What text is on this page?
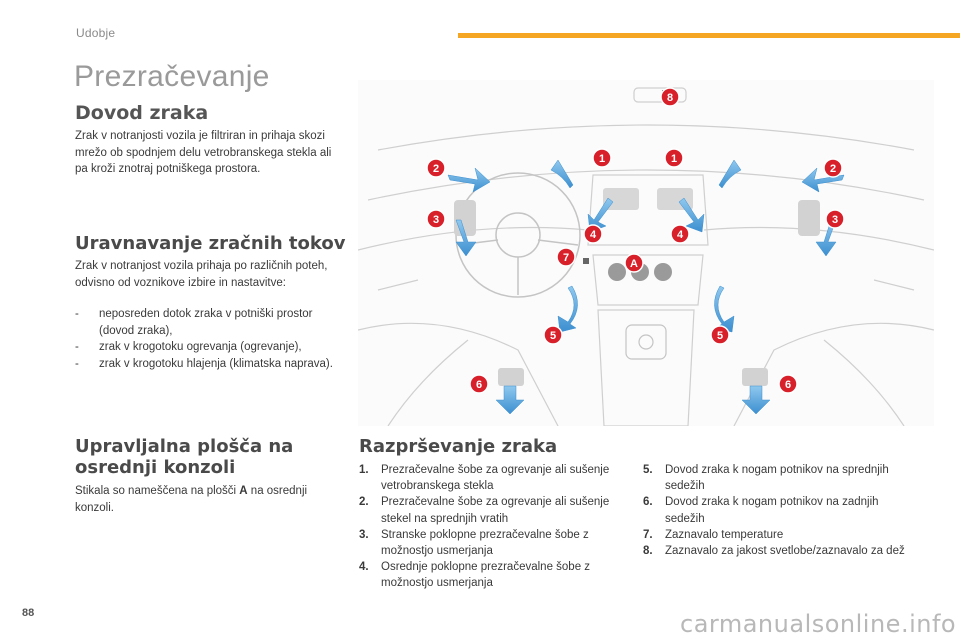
Udobje
Prezračevanje
Dovod zraka

Zrak v notranjosti vozila je filtriran in prihaja skozi mrežo ob spodnjem delu vetrobranskega stekla ali pa kroži znotraj potniškega prostora.

Uravnavanje zračnih tokov

Zrak v notranjost vozila prihaja po različnih poteh, odvisno od voznikove izbire in nastavitve:

- neposreden dotok zraka v potniški prostor (dovod zraka),
- zrak v krogotoku ogrevanja (ogrevanje),
- zrak v krogotoku hlajenja (klimatska naprava).
Upravljalna plošča na osrednji konzoli

Stikala so nameščena na plošči A na osrednji konzoli.

Razprševanje zraka
1. Prezračevalne šobe za ogrevanje ali sušenje vetrobranskega stekla
2. Prezračevalne šobe za ogrevanje ali sušenje stekel na sprednjih vratih
3. Stranske poklopne prezračevalne šobe z možnostjo usmerjanja
4. Osrednje poklopne prezračevalne šobe z možnostjo usmerjanja
5. Dovod zraka k nogam potnikov na sprednjih sedežih
6. Dovod zraka k nogam potnikov na zadnjih sedežih
7. Zaznavalo temperature
8. Zaznavalo za jakost svetlobe/zaznavalo za dež
1	1
2	2
3	3
4	4
5	5
6	6
7
8
A
88	carmanualsonline.info
